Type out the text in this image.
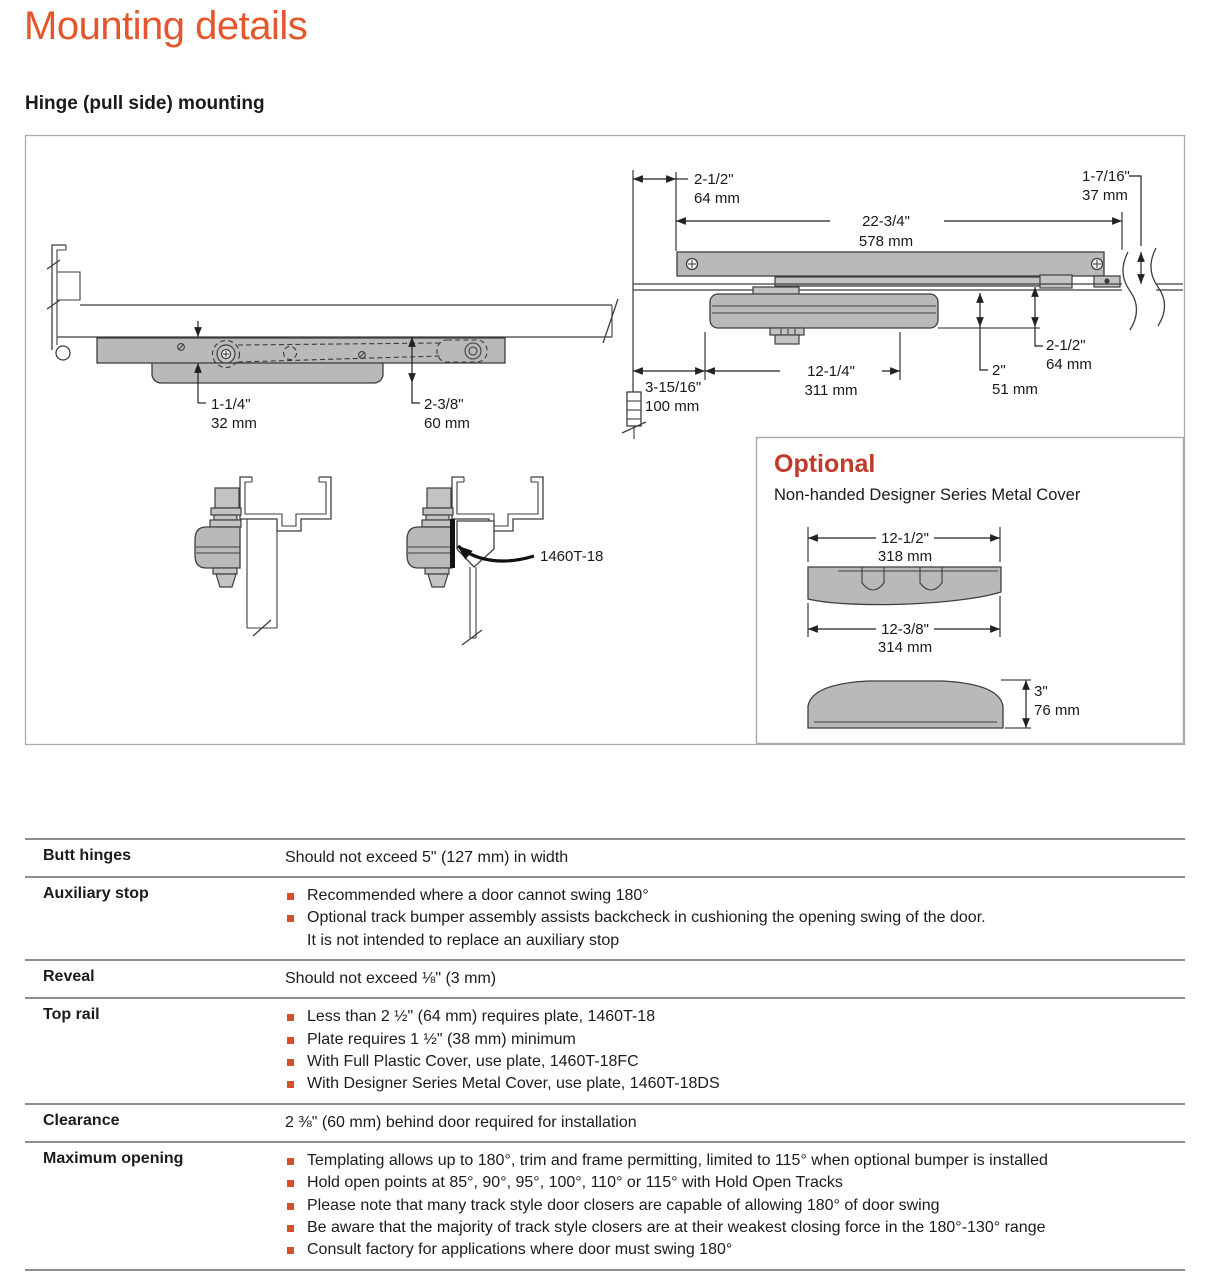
Mounting details
Hinge (pull side) mounting
1-1/4"
32 mm
2-3/8"
60 mm
2-1/2"
64 mm
22-3/4"
578 mm
1-7/16"
37 mm
3-15/16"
100 mm
12-1/4"
311 mm
2"
51 mm
2-1/2"
64 mm
1460T-18
Optional
Non-handed Designer Series Metal Cover
12-1/2"
318 mm
12-3/8"
314 mm
3"
76 mm
Butt hinges	Should not exceed 5" (127 mm) in width
Auxiliary stop	Recommended where a door cannot swing 180°
Optional track bumper assembly assists backcheck in cushioning the opening swing of the door.
It is not intended to replace an auxiliary stop
Reveal	Should not exceed ⅛" (3 mm)
Top rail	Less than 2 ½" (64 mm) requires plate, 1460T-18
Plate requires 1 ½" (38 mm) minimum
With Full Plastic Cover, use plate, 1460T-18FC
With Designer Series Metal Cover, use plate, 1460T-18DS
Clearance	2 ⅜" (60 mm) behind door required for installation
Maximum opening	Templating allows up to 180°, trim and frame permitting, limited to 115° when optional bumper is installed
Hold open points at 85°, 90°, 95°, 100°, 110° or 115° with Hold Open Tracks
Please note that many track style door closers are capable of allowing 180° of door swing
Be aware that the majority of track style closers are at their weakest closing force in the 180°-130° range
Consult factory for applications where door must swing 180°
